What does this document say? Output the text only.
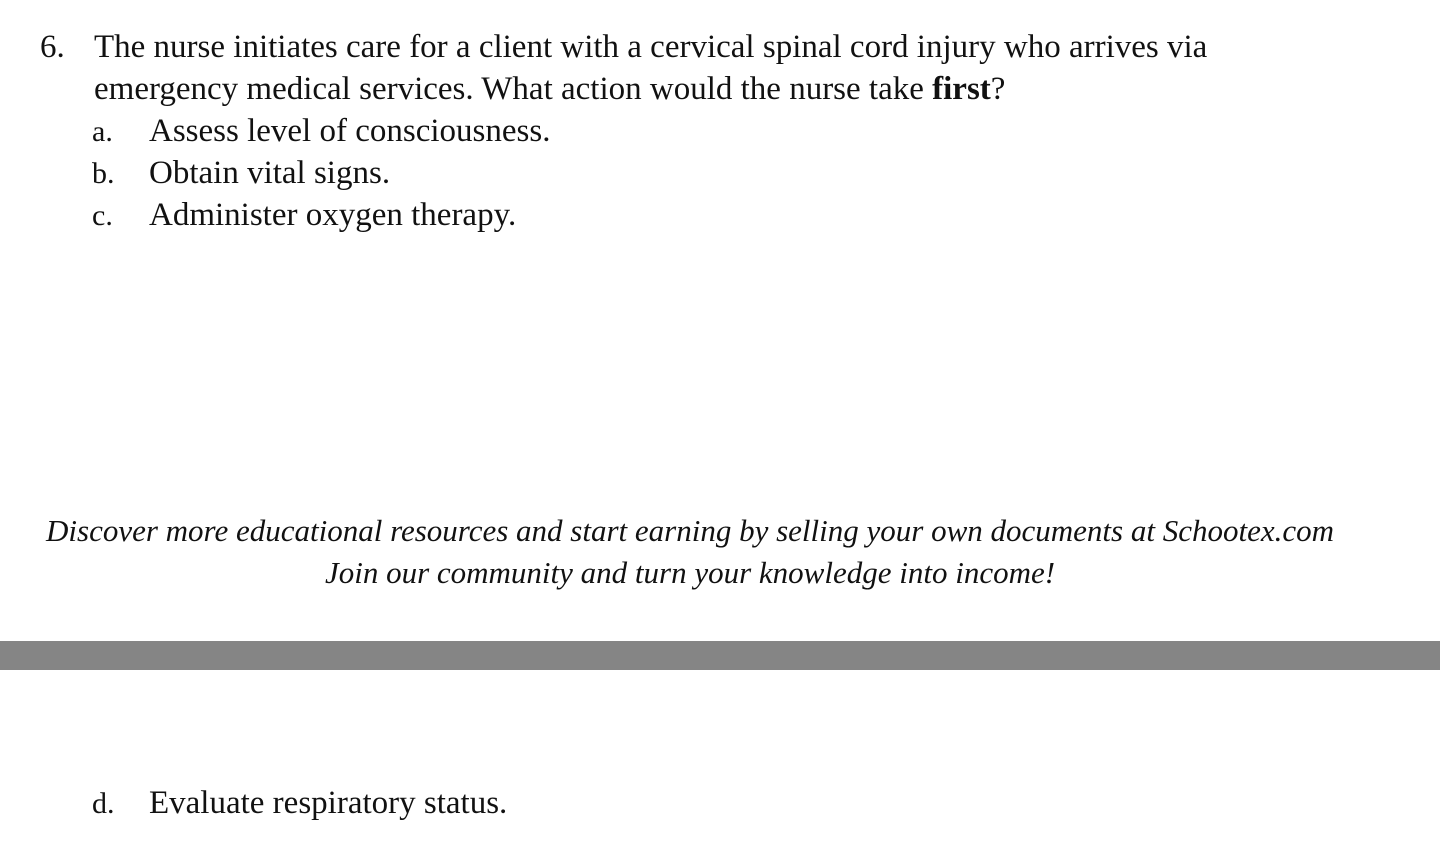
6. The nurse initiates care for a client with a cervical spinal cord injury who arrives via
emergency medical services. What action would the nurse take first?
a. Assess level of consciousness.
b. Obtain vital signs.
c. Administer oxygen therapy.
Discover more educational resources and start earning by selling your own documents at Schootex.com
Join our community and turn your knowledge into income!
d. Evaluate respiratory status.
